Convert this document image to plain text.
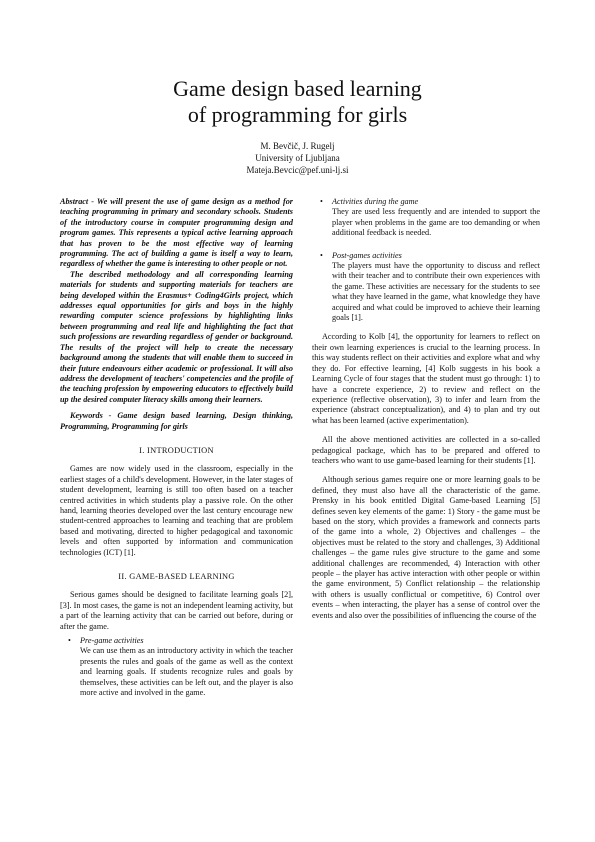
Game design based learning
of programming for girls
M. Bevčič, J. Rugelj
University of Ljubljana
Mateja.Bevcic@pef.uni-lj.si

Abstract - We will present the use of game design as a method for teaching programming in primary and secondary schools. Students of the introductory course in computer programming design and program games. This represents a typical active learning approach that has proven to be the most effective way of learning programming. The act of building a game is itself a way to learn, regardless of whether the game is interesting to other people or not.

The described methodology and all corresponding learning materials for students and supporting materials for teachers are being developed within the Erasmus+ Coding4Girls project, which addresses equal opportunities for girls and boys in the highly rewarding computer science professions by highlighting links between programming and real life and highlighting the fact that such professions are rewarding regardless of gender or background. The results of the project will help to create the necessary background among the students that will enable them to succeed in their future endeavours either academic or professional. It will also address the development of teachers' competencies and the profile of the teaching profession by empowering educators to effectively build up the desired computer literacy skills among their learners.

Keywords - Game design based learning, Design thinking, Programming, Programming for girls

I. INTRODUCTION

Games are now widely used in the classroom, especially in the earliest stages of a child's development. However, in the later stages of student development, learning is still too often based on a teacher centred activities in which students play a passive role. On the other hand, learning theories developed over the last century encourage new student-centred approaches to learning and teaching that are problem based and motivating, directed to higher pedagogical and taxonomic levels and often supported by information and communication technologies (ICT) [1].

II. GAME-BASED LEARNING

Serious games should be designed to facilitate learning goals [2], [3]. In most cases, the game is not an independent learning activity, but a part of the learning activity that can be carried out before, during or after the game.

• Pre-game activities

We can use them as an introductory activity in which the teacher presents the rules and goals of the game as well as the context and learning goals. If students recognize rules and goals by themselves, these activities can be left out, and the player is also more active and involved in the game.

• Activities during the game

They are used less frequently and are intended to support the player when problems in the game are too demanding or when additional feedback is needed.

• Post-games activities

The players must have the opportunity to discuss and reflect with their teacher and to contribute their own experiences with the game. These activities are necessary for the students to see what they have learned in the game, what knowledge they have acquired and what could be improved to achieve their learning goals [1].

According to Kolb [4], the opportunity for learners to reflect on their own learning experiences is crucial to the learning process. In this way students reflect on their activities and explore what and why they do. For effective learning, [4] Kolb suggests in his book a Learning Cycle of four stages that the student must go through: 1) to have a concrete experience, 2) to review and reflect on the experience (reflective observation), 3) to infer and learn from the experience (abstract conceptualization), and 4) to plan and try out what has been learned (active experimentation).

All the above mentioned activities are collected in a so-called pedagogical package, which has to be prepared and offered to teachers who want to use game-based learning for their students [1].

Although serious games require one or more learning goals to be defined, they must also have all the characteristic of the game. Prensky in his book entitled Digital Game-based Learning [5] defines seven key elements of the game: 1) Story - the game must be based on the story, which provides a framework and connects parts of the game into a whole, 2) Objectives and challenges – the objectives must be related to the story and challenges, 3) Additional challenges – the game rules give structure to the game and some additional challenges are recommended, 4) Interaction with other people – the player has active interaction with other people or within the game environment, 5) Conflict relationship – the relationship with others is usually conflictual or competitive, 6) Control over events – when interacting, the player has a sense of control over the events and also over the possibilities of influencing the course of the
